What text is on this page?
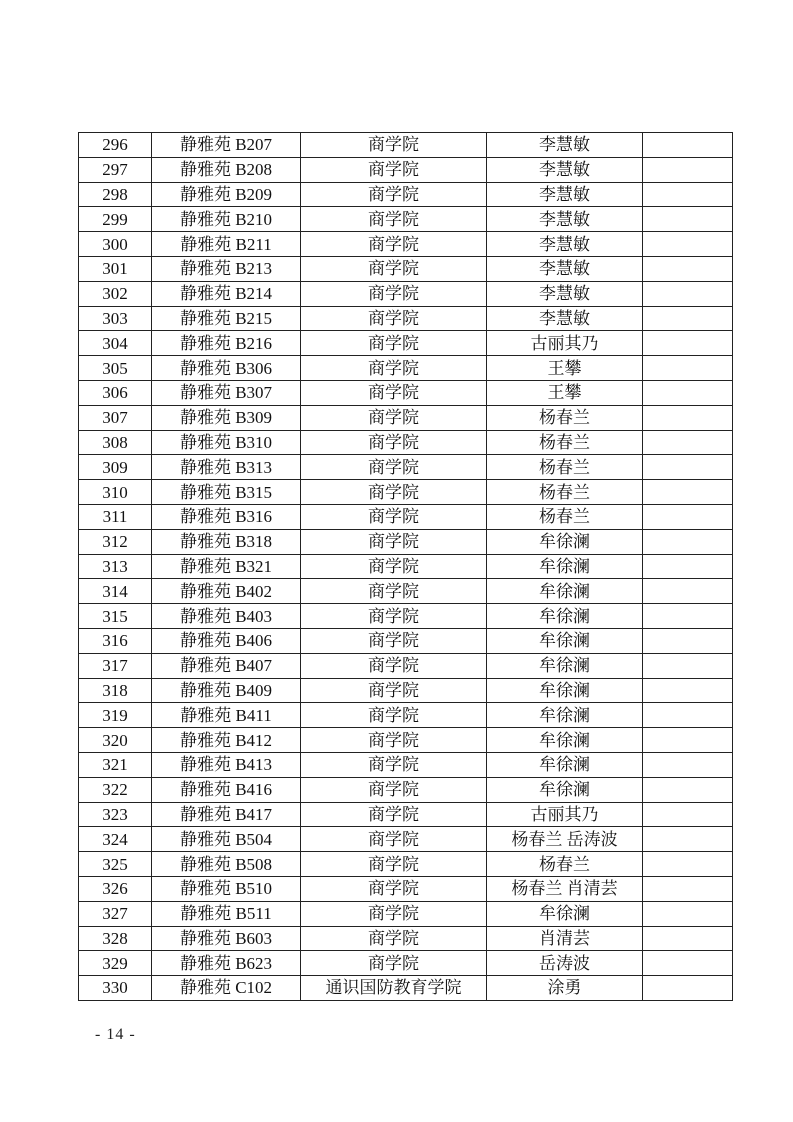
296	静雅苑 B207	商学院	李慧敏	
297	静雅苑 B208	商学院	李慧敏	
298	静雅苑 B209	商学院	李慧敏	
299	静雅苑 B210	商学院	李慧敏	
300	静雅苑 B211	商学院	李慧敏	
301	静雅苑 B213	商学院	李慧敏	
302	静雅苑 B214	商学院	李慧敏	
303	静雅苑 B215	商学院	李慧敏	
304	静雅苑 B216	商学院	古丽其乃	
305	静雅苑 B306	商学院	王攀	
306	静雅苑 B307	商学院	王攀	
307	静雅苑 B309	商学院	杨春兰	
308	静雅苑 B310	商学院	杨春兰	
309	静雅苑 B313	商学院	杨春兰	
310	静雅苑 B315	商学院	杨春兰	
311	静雅苑 B316	商学院	杨春兰	
312	静雅苑 B318	商学院	牟徐澜	
313	静雅苑 B321	商学院	牟徐澜	
314	静雅苑 B402	商学院	牟徐澜	
315	静雅苑 B403	商学院	牟徐澜	
316	静雅苑 B406	商学院	牟徐澜	
317	静雅苑 B407	商学院	牟徐澜	
318	静雅苑 B409	商学院	牟徐澜	
319	静雅苑 B411	商学院	牟徐澜	
320	静雅苑 B412	商学院	牟徐澜	
321	静雅苑 B413	商学院	牟徐澜	
322	静雅苑 B416	商学院	牟徐澜	
323	静雅苑 B417	商学院	古丽其乃	
324	静雅苑 B504	商学院	杨春兰 岳涛波	
325	静雅苑 B508	商学院	杨春兰	
326	静雅苑 B510	商学院	杨春兰 肖清芸	
327	静雅苑 B511	商学院	牟徐澜	
328	静雅苑 B603	商学院	肖清芸	
329	静雅苑 B623	商学院	岳涛波	
330	静雅苑 C102	通识国防教育学院	涂勇	
- 14 -
